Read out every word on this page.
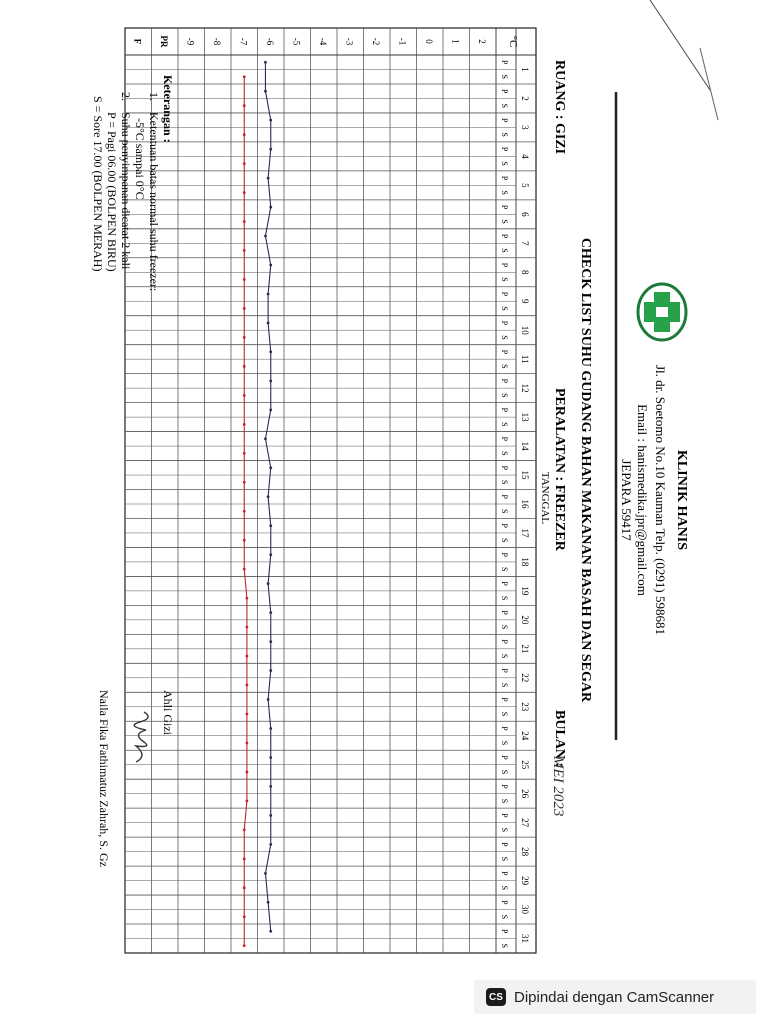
KLINIK HANIS
Jl. dr. Soetomo No.10 Kauman Telp. (0291) 598681
Email : hanismedika.jpr@gmail.com
JEPARA 59417
CHECK LIST SUHU GUDANG BAHAN MAKANAN BASAH DAN SEGAR
RUANG : GIZI
PERALATAN : FREEZER
BULAN :
MEI 2023
TANGGAL
°C
1
P
S
2
P
S
3
P
S
4
P
S
5
P
S
6
P
S
7
P
S
8
P
S
9
P
S
10
P
S
11
P
S
12
P
S
13
P
S
14
P
S
15
P
S
16
P
S
17
P
S
18
P
S
19
P
S
20
P
S
21
P
S
22
P
S
23
P
S
24
P
S
25
P
S
26
P
S
27
P
S
28
P
S
29
P
S
30
P
S
31
P
S
2
1
0
-1
-2
-3
-4
-5
-6
-7
-8
-9
PR
F
Keterangan :
1.
Ketentuan batas normal suhu freezer:
-5°C sampai 0°C
2.
Suhu penyimpanan dicatat 2 kali
P = Pagi 06.00 (BOLPEN BIRU)
S = Sore 17.00 (BOLPEN MERAH)
Ahli Gizi
Naila Fika Fathimatuz Zahrah, S. Gz
CS Dipindai dengan CamScanner
